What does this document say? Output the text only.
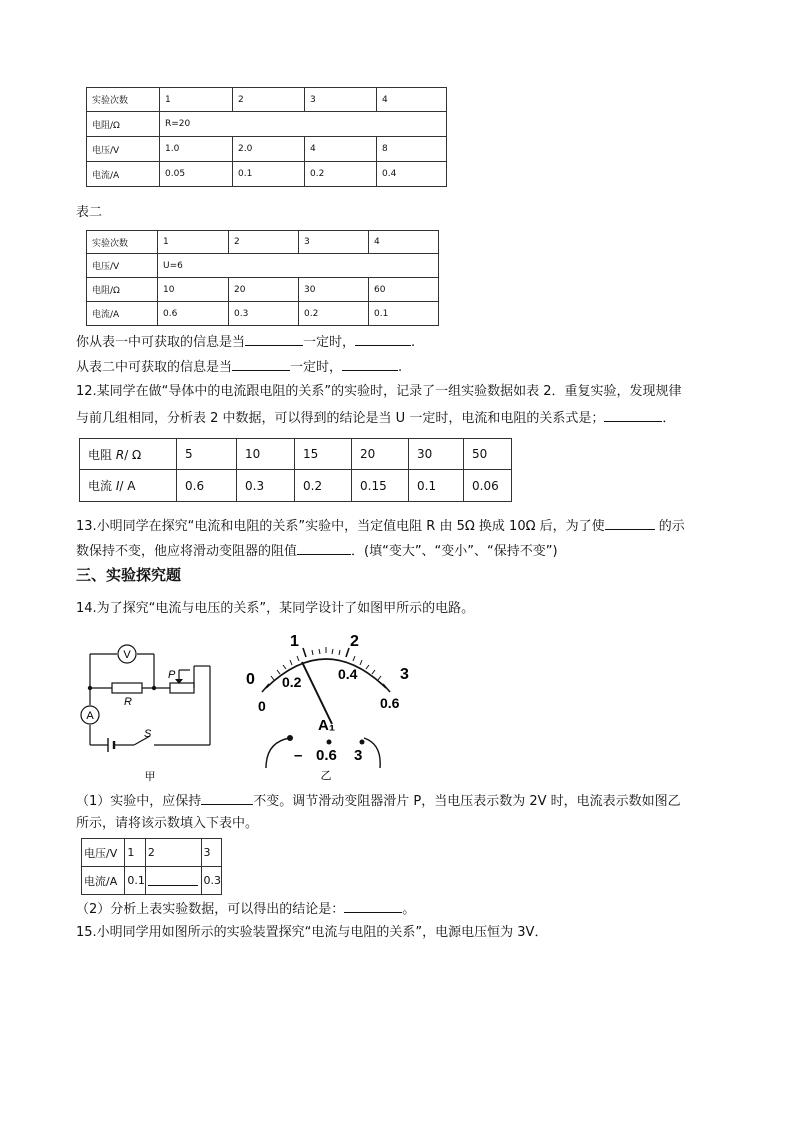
实验次数	1	2	3	4
电阻/Ω	R=20			
电压/V	1.0	2.0	4	8
电流/A	0.05	0.1	0.2	0.4
表二
实验次数	1	2	3	4
电压/V	U=6			
电阻/Ω	10	20	30	60
电流/A	0.6	0.3	0.2	0.1
你从表一中可获取的信息是当	一定时，	.
从表二中可获取的信息是当	一定时，	.
12.某同学在做“导体中的电流跟电阻的关系”的实验时，记录了一组实验数据如表 2．重复实验，发现规律
与前几组相同，分析表 2 中数据，可以得到的结论是当 U 一定时，电流和电阻的关系式是；	．
电阻 R/ Ω	5	10	15	20	30	50
电流 I/ A	0.6	0.3	0.2	0.15	0.1	0.06
13.小明同学在探究“电流和电阻的关系”实验中，当定值电阻 R 由 5Ω 换成 10Ω 后，为了使	的示
数保持不变，他应将滑动变阻器的阻值	．(填“变大”、“变小”、“保持不变”)
三、实验探究题
14.为了探究“电流与电压的关系”，某同学设计了如图甲所示的电路。
V
A
R
P
S
甲
0
1	2
3
0
0.2	0.4
0.6
A₁
– 0.6 3
乙
（1）实验中，应保持	不变。调节滑动变阻器滑片 P，当电压表示数为 2V 时，电流表示数如图乙
所示，请将该示数填入下表中。
电压/V	1	2	3
电流/A	0.1		0.3
（2）分析上表实验数据，可以得出的结论是：	。
15.小明同学用如图所示的实验装置探究“电流与电阻的关系”，电源电压恒为 3V．
